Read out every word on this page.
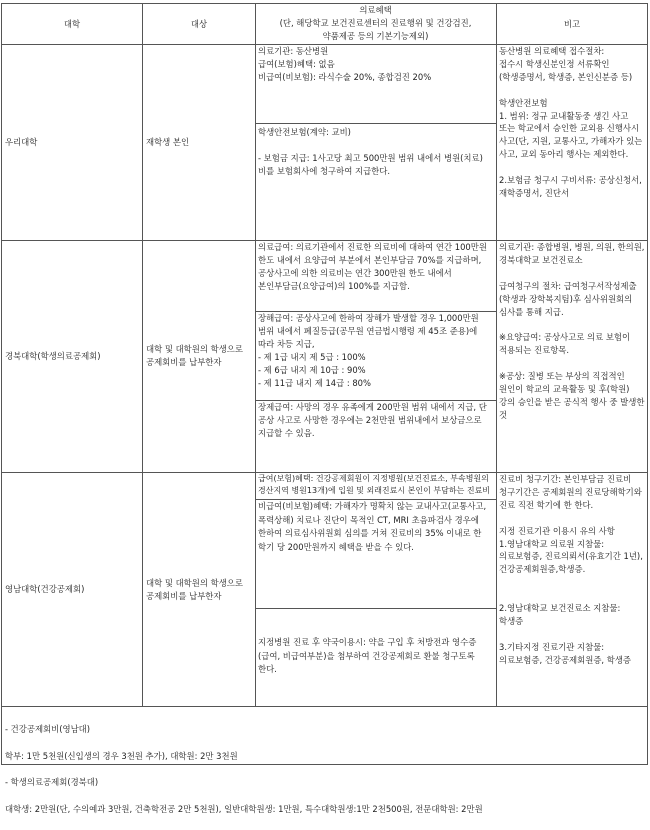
대학	대상
의료혜택
(단, 해당학교 보건진료센터의 진료행위 및 건강검진,
약품제공 등의 기본기능제외)
비고
우리대학	재학생 본인
의료기관: 동산병원
급여(보험)혜택: 없음
비급여(비보험): 라식수술 20%, 종합검진 20%
학생안전보험(계약: 교비)

- 보험금 지급: 1사고당 최고 500만원 범위 내에서 병원(치료)비를 보험회사에 청구하여 지급한다.
동산병원 의료혜택 접수절차:
접수시 학생신분인정 서류확인(학생증명서, 학생증, 본인신분증 등)

학생안전보험
1. 범위: 정규 교내활동중 생긴 사고 또는 학교에서 승인한 교외용 신행사시 사고(단, 지원, 교통사고, 가해자가 있는 사고, 교외 동아리 행사는 제외한다.

2.보험금 청구시 구비서류: 공상신청서, 재학증명서, 진단서
경북대학(학생의료공제회)
대학 및 대학원의 학생으로 공제회비를 납부한자
의료급여: 의료기관에서 진료한 의료비에 대하여 연간 100만원 한도 내에서 요양급여 부분에서 본인부담금 70%를 지급하며, 공상사고에 의한 의료비는 연간 300만원 한도 내에서 본인부담금(요양급여)의 100%를 지급함.
장해급여: 공상사고에 한하여 장해가 발생할 경우 1,000만원 범위 내에서 페질등급(공무원 연금법시행령 제 45조 준용)에 따라 차등 지급,
- 제 1급 내지 제 5급 : 100%
- 제 6급 내지 제 10급 : 90%
- 제 11급 내지 제 14급 : 80%
장제급여: 사망의 경우 유족에게 200만원 범위 내에서 지급, 단 공상 사고로 사망한 경우에는 2천만원 범위내에서 보상금으로 지급할 수 있음.
의료기관: 종합병원, 병원, 의원, 한의원, 경북대학교 보건진료소

급여청구의 절차: 급여청구서작성제출(학생과 장학복지팀)후 심사위원회의 심사를 통해 지급.

※요양급여: 공상사고로 의료 보험이 적용되는 진료항목.

※공상: 질병 또는 부상의 직접적인 원인이 학교의 교육활동 및 후(학원)강의 승인을 받은 공식적 행사 중 발생한 것
영남대학(건강공제회)
대학 및 대학원의 학생으로 공제회비를 납부한자
급여(보험)혜택: 건강공제회원이 지정병원(보건진료소, 부속병원의 경산지역 병원13개)에 입원 및 외래진료시 본인이 부담하는 진료비
비급여(비보험)혜택: 가해자가 명확치 않는 교내사고(교통사고, 폭력상해) 치료나 진단이 목적인 CT, MRI 초음파검사 경우에 한하여 의료심사위원회 심의를 거쳐 진료비의 35% 이내로 한 학기 당 200만원까지 혜택을 받을 수 있다.
지정병원 진료 후 약국이용시: 약을 구입 후 처방전과 영수증(급여, 비급여부분)을 첨부하여 건강공제회로 환불 청구토록 한다.
진료비 청구기간: 본인부담금 진료비 청구기간은 공제회원의 진료당해학기와 진료 직전 학기에 한 한다.

지정 진료기관 이용시 유의 사항
1.영남대학교 의료원 지참물: 의료보험증, 진료의뢰서(유효기간 1년), 건강공제회원증,학생증.

2.영남대학교 보건진료소 지참물: 학생증

3.기타지정 진료기관 지참물: 의료보험증, 건강공제회원증, 학생증

- 건강공제회비(영남대)

학부: 1만 5천원(신입생의 경우 3천원 추가), 대학원: 2만 3천원

- 학생의료공제회(경북대)

대학생: 2만원(단, 수의예과 3만원, 건축학전공 2만 5천원), 일반대학원생: 1만원, 특수대학원생:1만 2천500원, 전문대학원: 2만원
